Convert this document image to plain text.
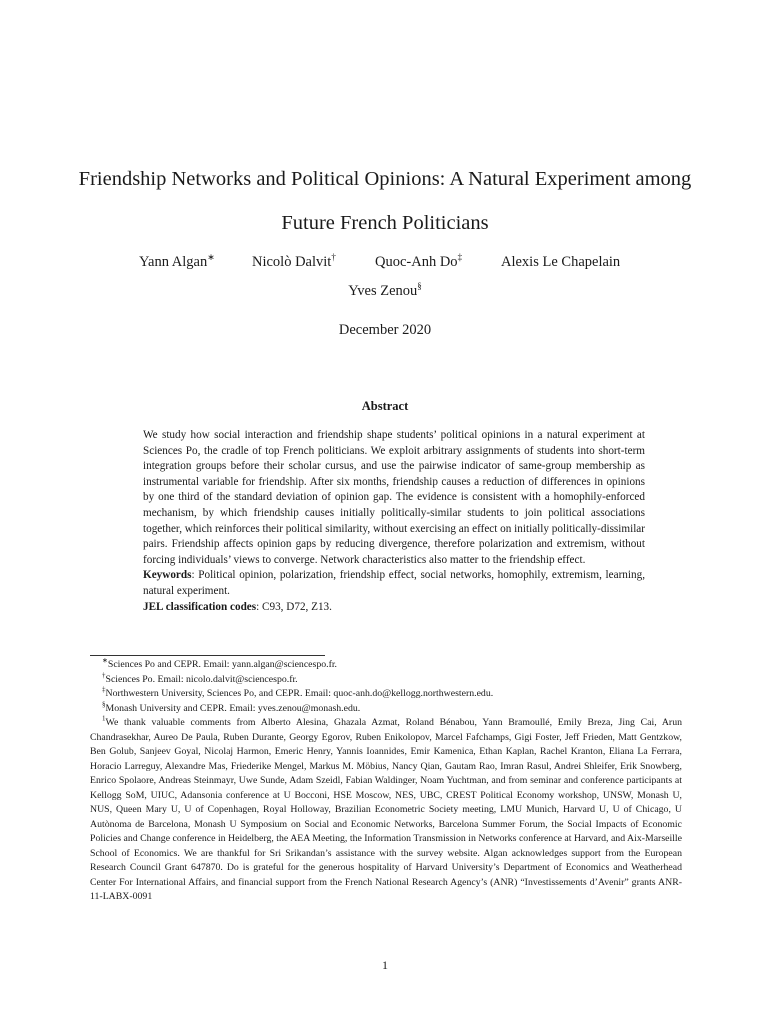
Friendship Networks and Political Opinions: A Natural Experiment among Future French Politicians
Yann Algan∗	Nicolò Dalvit†	Quoc-Anh Do‡	Alexis Le Chapelain
Yves Zenou§
December 2020
Abstract

We study how social interaction and friendship shape students’ political opinions in a natural experiment at Sciences Po, the cradle of top French politicians. We exploit arbitrary assignments of students into short-term integration groups before their scholar cursus, and use the pairwise indicator of same-group membership as instrumental variable for friendship. After six months, friendship causes a reduction of differences in opinions by one third of the standard deviation of opinion gap. The evidence is consistent with a homophily-enforced mechanism, by which friendship causes initially politically-similar students to join political associations together, which reinforces their political similarity, without exercising an effect on initially politically-dissimilar pairs. Friendship affects opinion gaps by reducing divergence, therefore polarization and extremism, without forcing individuals’ views to converge. Network characteristics also matter to the friendship effect.

Keywords: Political opinion, polarization, friendship effect, social networks, homophily, extremism, learning, natural experiment.

JEL classification codes: C93, D72, Z13.

∗Sciences Po and CEPR. Email: yann.algan@sciencespo.fr.

†Sciences Po. Email: nicolo.dalvit@sciencespo.fr.

‡Northwestern University, Sciences Po, and CEPR. Email: quoc-anh.do@kellogg.northwestern.edu.

§Monash University and CEPR. Email: yves.zenou@monash.edu.

$^1$We thank valuable comments from Alberto Alesina, Ghazala Azmat, Roland Bénabou, Yann Bramoullé, Emily Breza, Jing Cai, Arun Chandrasekhar, Aureo De Paula, Ruben Durante, Georgy Egorov, Ruben Enikolopov, Marcel Fafchamps, Gigi Foster, Jeff Frieden, Matt Gentzkow, Ben Golub, Sanjeev Goyal, Nicolaj Harmon, Emeric Henry, Yannis Ioannides, Emir Kamenica, Ethan Kaplan, Rachel Kranton, Eliana La Ferrara, Horacio Larreguy, Alexandre Mas, Friederike Mengel, Markus M. Möbius, Nancy Qian, Gautam Rao, Imran Rasul, Andrei Shleifer, Erik Snowberg, Enrico Spolaore, Andreas Steinmayr, Uwe Sunde, Adam Szeidl, Fabian Waldinger, Noam Yuchtman, and from seminar and conference participants at Kellogg SoM, UIUC, Adansonia conference at U Bocconi, HSE Moscow, NES, UBC, CREST Political Economy workshop, UNSW, Monash U, NUS, Queen Mary U, U of Copenhagen, Royal Holloway, Brazilian Econometric Society meeting, LMU Munich, Harvard U, U of Chicago, U Autònoma de Barcelona, Monash U Symposium on Social and Economic Networks, Barcelona Summer Forum, the Social Impacts of Economic Policies and Change conference in Heidelberg, the AEA Meeting, the Information Transmission in Networks conference at Harvard, and Aix-Marseille School of Economics. We are thankful for Sri Srikandan’s assistance with the survey website. Algan acknowledges support from the European Research Council Grant 647870. Do is grateful for the generous hospitality of Harvard University’s Department of Economics and Weatherhead Center For International Affairs, and financial support from the French National Research Agency’s (ANR) “Investissements d’Avenir” grants ANR-11-LABX-0091

1
